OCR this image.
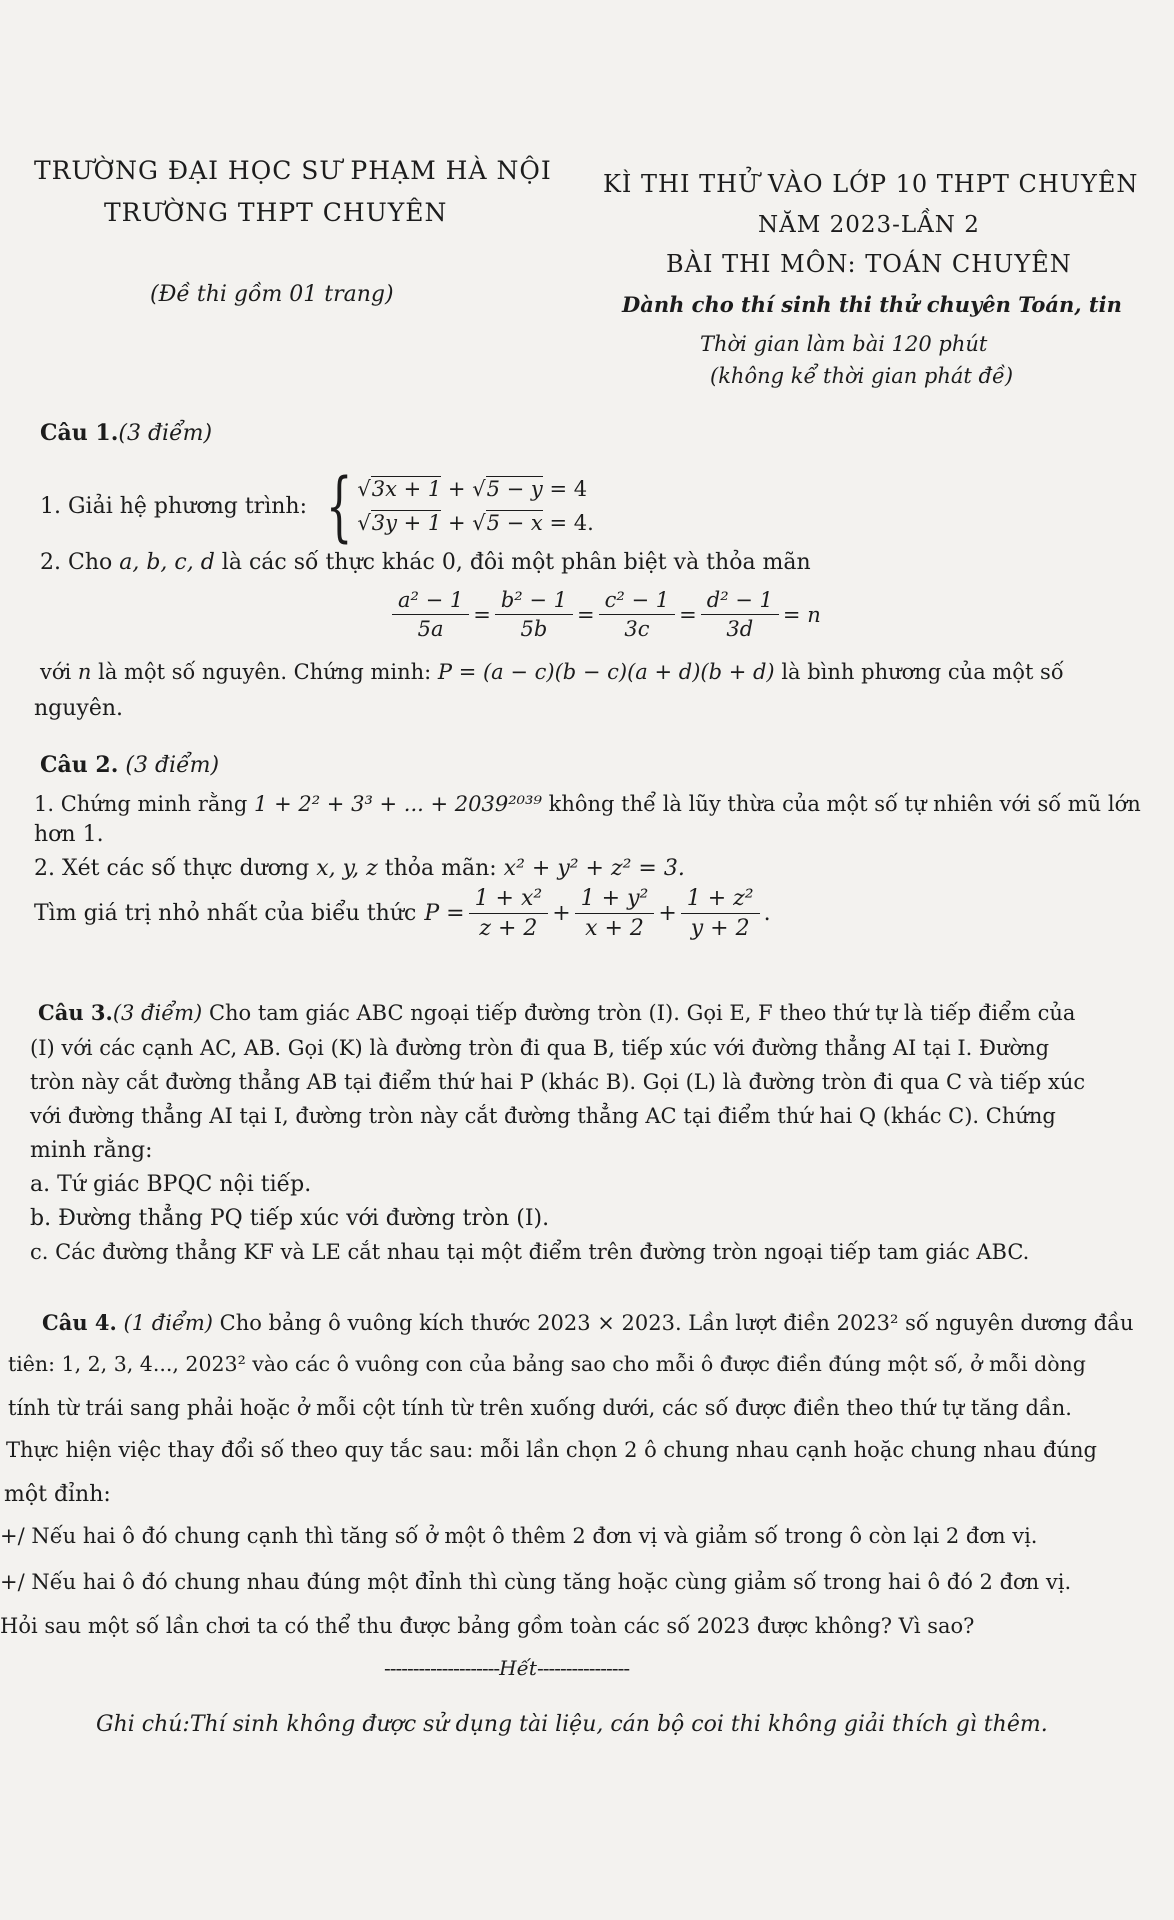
TRƯỜNG ĐẠI HỌC SƯ PHẠM HÀ NỘI
TRƯỜNG THPT CHUYÊN
(Đề thi gồm 01 trang)
KÌ THI THỬ VÀO LỚP 10 THPT CHUYÊN
NĂM 2023-LẦN 2
BÀI THI MÔN: TOÁN CHUYÊN
Dành cho thí sinh thi thử chuyên Toán, tin
Thời gian làm bài 120 phút
(không kể thời gian phát đề)
Câu 1.(3 điểm)
1. Giải hệ phương trình: { √3x + 1 + √5 − y = 4
√3y + 1 + √5 − x = 4.
2. Cho a, b, c, d là các số thực khác 0, đôi một phân biệt và thỏa mãn
$\frac{\text{a² − 1}}{5a} = \frac{\text{b² − 1}}{5b} = \frac{\text{c² − 1}}{3c} = \frac{\text{d² − 1}}{3d} = n$
với n là một số nguyên. Chứng minh: P = (a − c)(b − c)(a + d)(b + d) là bình phương của một số
nguyên.
Câu 2. (3 điểm)
1. Chứng minh rằng 1 + 2² + 3³ + ... + 2039²⁰³⁹ không thể là lũy thừa của một số tự nhiên với số mũ lớn
hơn 1.
2. Xét các số thực dương x, y, z thỏa mãn: x² + y² + z² = 3.
Tìm giá trị nhỏ nhất của biểu thức $P = \frac{\text{1 + x²}}{z + 2} + \frac{\text{1 + y²}}{x + 2} + \frac{\text{1 + z²}}{y + 2}$ .
Câu 3.(3 điểm) Cho tam giác ABC ngoại tiếp đường tròn (I). Gọi E, F theo thứ tự là tiếp điểm của
(I) với các cạnh AC, AB. Gọi (K) là đường tròn đi qua B, tiếp xúc với đường thẳng AI tại I. Đường
tròn này cắt đường thẳng AB tại điểm thứ hai P (khác B). Gọi (L) là đường tròn đi qua C và tiếp xúc
với đường thẳng AI tại I, đường tròn này cắt đường thẳng AC tại điểm thứ hai Q (khác C). Chứng
minh rằng:
a. Tứ giác BPQC nội tiếp.
b. Đường thẳng PQ tiếp xúc với đường tròn (I).
c. Các đường thẳng KF và LE cắt nhau tại một điểm trên đường tròn ngoại tiếp tam giác ABC.
Câu 4. (1 điểm) Cho bảng ô vuông kích thước 2023 × 2023. Lần lượt điền 2023² số nguyên dương đầu
tiên: 1, 2, 3, 4..., 2023² vào các ô vuông con của bảng sao cho mỗi ô được điền đúng một số, ở mỗi dòng
tính từ trái sang phải hoặc ở mỗi cột tính từ trên xuống dưới, các số được điền theo thứ tự tăng dần.
Thực hiện việc thay đổi số theo quy tắc sau: mỗi lần chọn 2 ô chung nhau cạnh hoặc chung nhau đúng
một đỉnh:
+/ Nếu hai ô đó chung cạnh thì tăng số ở một ô thêm 2 đơn vị và giảm số trong ô còn lại 2 đơn vị.
+/ Nếu hai ô đó chung nhau đúng một đỉnh thì cùng tăng hoặc cùng giảm số trong hai ô đó 2 đơn vị.
Hỏi sau một số lần chơi ta có thể thu được bảng gồm toàn các số 2023 được không? Vì sao?
--------------------Hết----------------
Ghi chú:Thí sinh không được sử dụng tài liệu, cán bộ coi thi không giải thích gì thêm.
